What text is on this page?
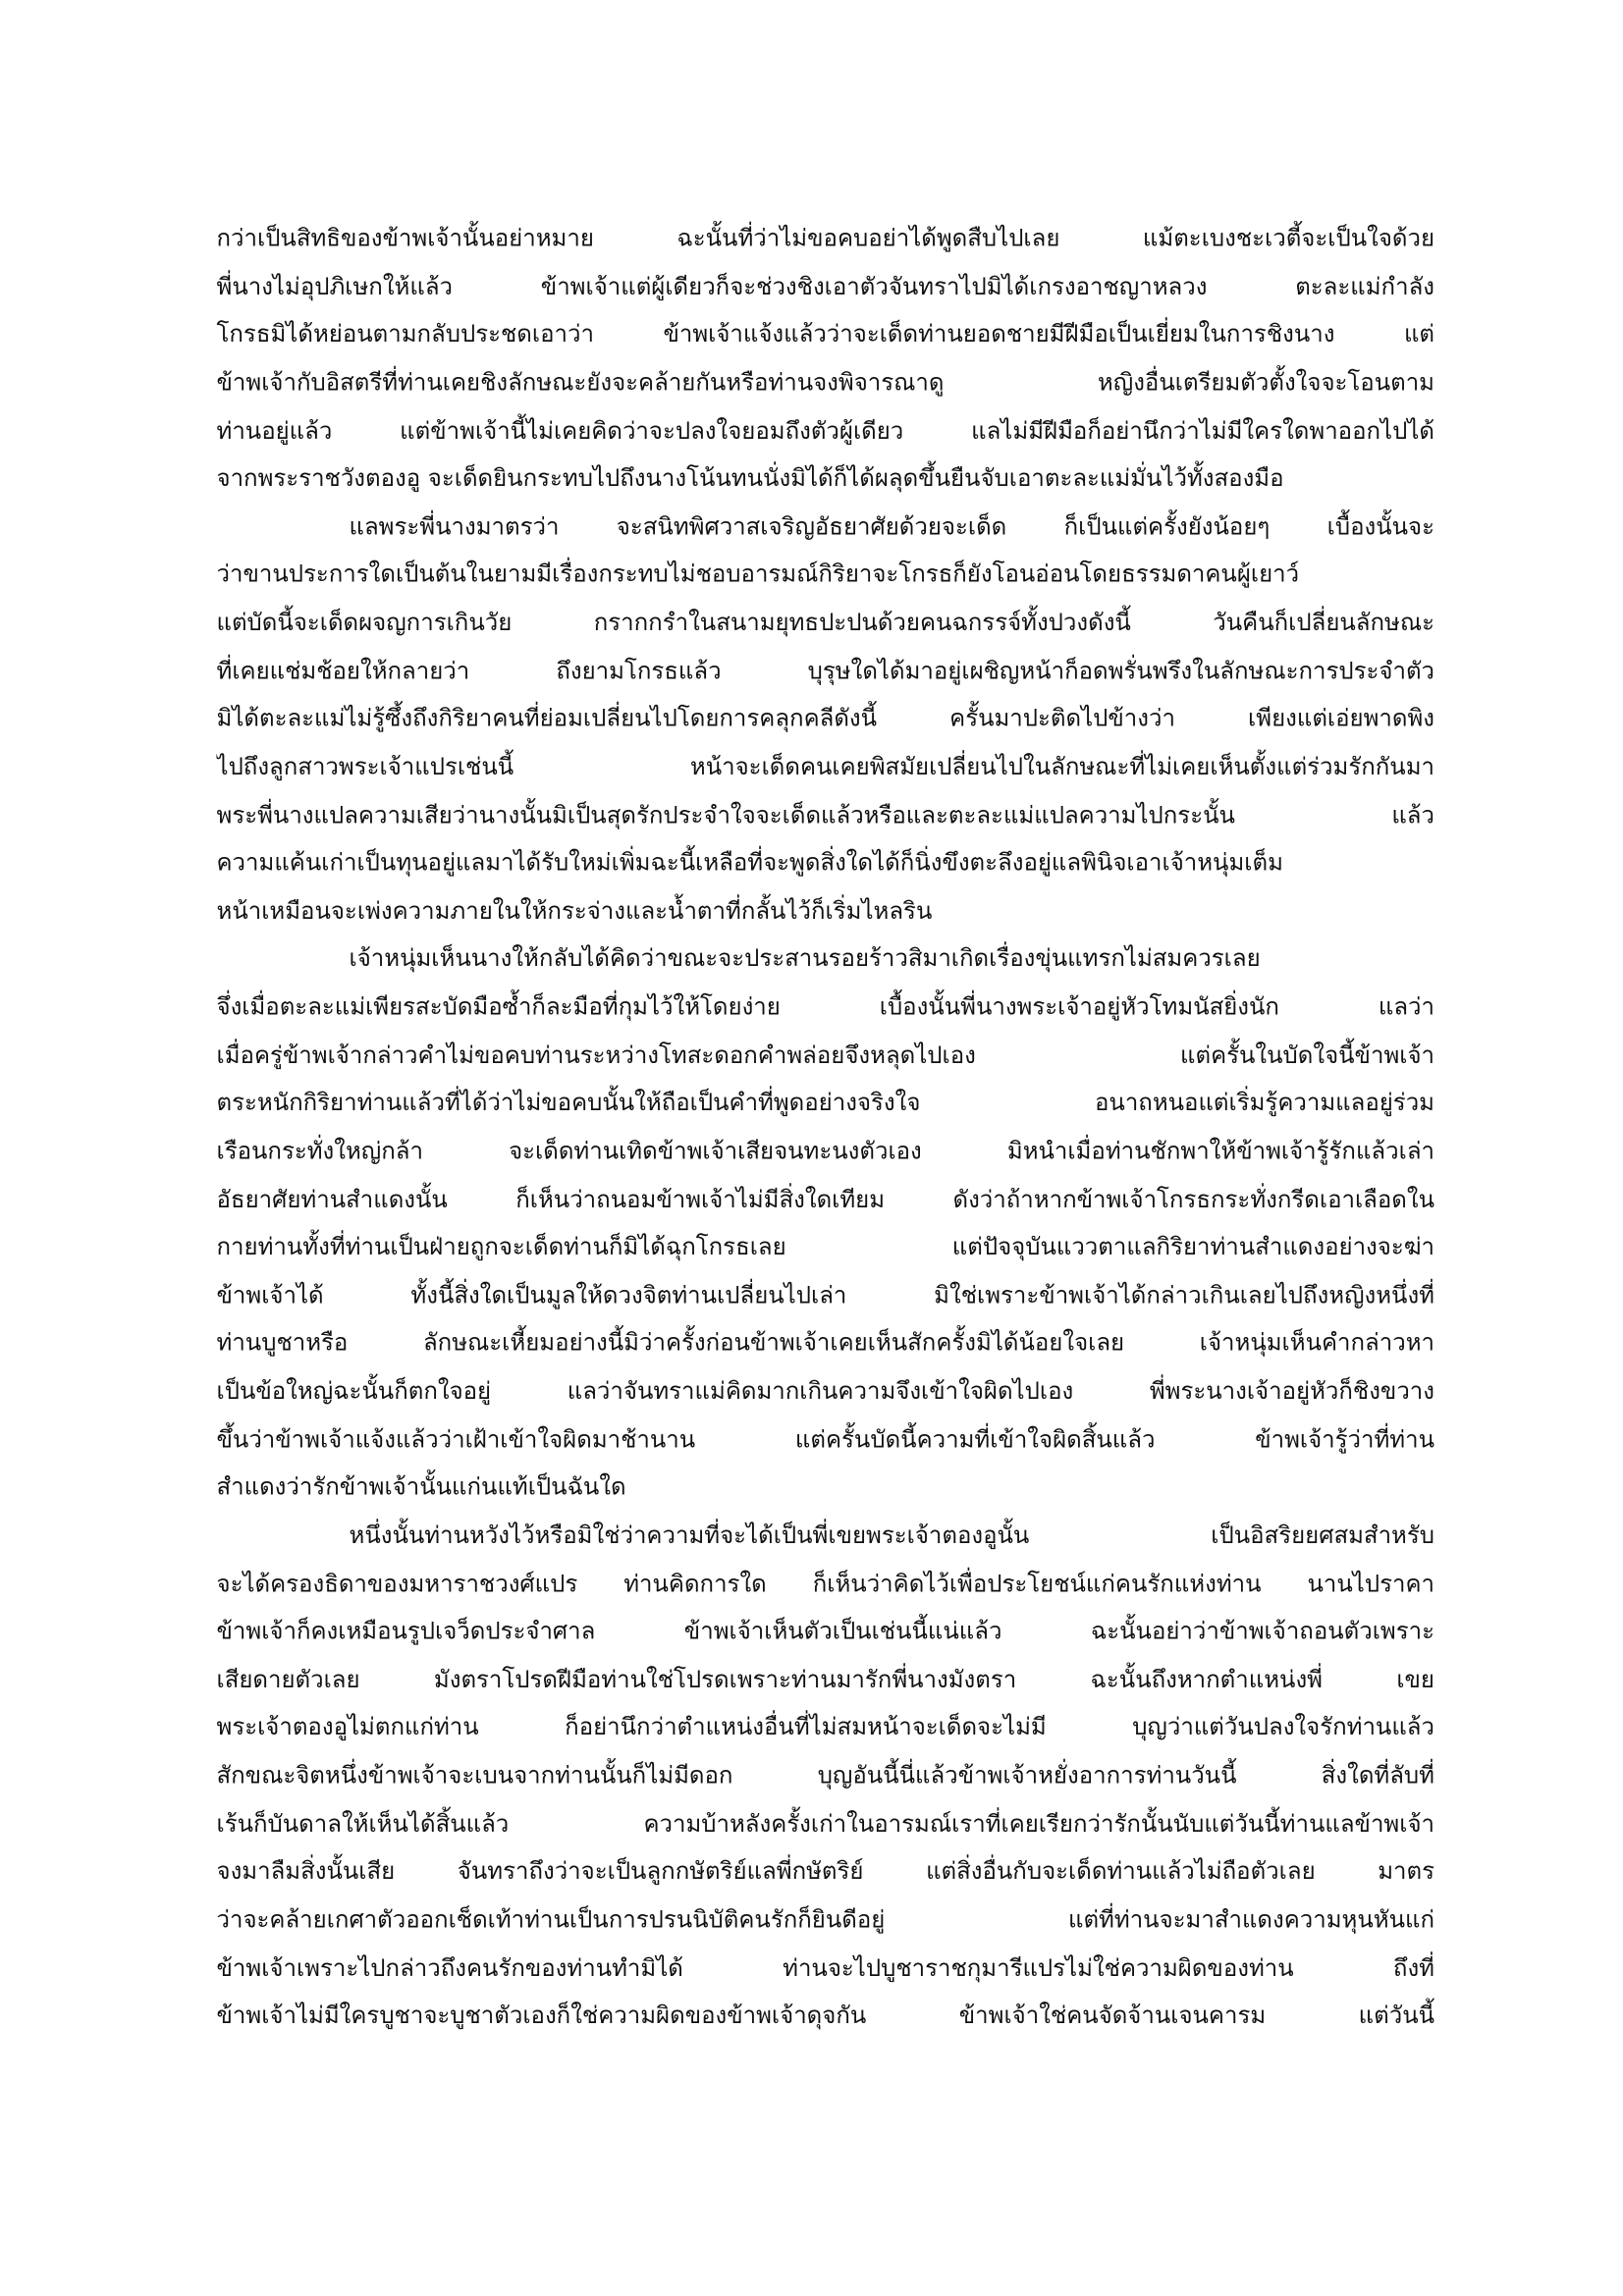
กว่าเป็นสิทธิของข้าพเจ้านั้นอย่าหมาย ฉะนั้นที่ว่าไม่ขอคบอย่าได้พูดสืบไปเลย แม้ตะเบงชะเวตี้จะเป็นใจด้วย
พี่นางไม่อุปภิเษกให้แล้ว ข้าพเจ้าแต่ผู้เดียวก็จะช่วงชิงเอาตัวจันทราไปมิได้เกรงอาชญาหลวง ตะละแม่กำลัง
โกรธมิได้หย่อนตามกลับประชดเอาว่า ข้าพเจ้าแจ้งแล้วว่าจะเด็ดท่านยอดชายมีฝีมือเป็นเยี่ยมในการชิงนาง แต่
ข้าพเจ้ากับอิสตรีที่ท่านเคยชิงลักษณะยังจะคล้ายกันหรือท่านจงพิจารณาดู หญิงอื่นเตรียมตัวตั้งใจจะโอนตาม
ท่านอยู่แล้ว แต่ข้าพเจ้านี้ไม่เคยคิดว่าจะปลงใจยอมถึงตัวผู้เดียว แลไม่มีฝีมือก็อย่านึกว่าไม่มีใครใดพาออกไปได้
จากพระราชวังตองอู จะเด็ดยินกระทบไปถึงนางโน้นทนนั่งมิได้ก็ได้ผลุดขึ้นยืนจับเอาตะละแม่มั่นไว้ทั้งสองมือ
แลพระพี่นางมาตรว่า จะสนิทพิศวาสเจริญอัธยาศัยด้วยจะเด็ด ก็เป็นแต่ครั้งยังน้อยๆ เบื้องนั้นจะ
ว่าขานประการใดเป็นต้นในยามมีเรื่องกระทบไม่ชอบอารมณ์กิริยาจะโกรธก็ยังโอนอ่อนโดยธรรมดาคนผู้เยาว์
แต่บัดนี้จะเด็ดผจญการเกินวัย กรากกรำในสนามยุทธปะปนด้วยคนฉกรรจ์ทั้งปวงดังนี้ วันคืนก็เปลี่ยนลักษณะ
ที่เคยแช่มช้อยให้กลายว่า ถึงยามโกรธแล้ว บุรุษใดได้มาอยู่เผชิญหน้าก็อดพรั่นพรึงในลักษณะการประจำตัว
มิได้ตะละแม่ไม่รู้ซึ้งถึงกิริยาคนที่ย่อมเปลี่ยนไปโดยการคลุกคลีดังนี้ ครั้นมาปะติดไปข้างว่า เพียงแต่เอ่ยพาดพิง
ไปถึงลูกสาวพระเจ้าแปรเช่นนี้ หน้าจะเด็ดคนเคยพิสมัยเปลี่ยนไปในลักษณะที่ไม่เคยเห็นตั้งแต่ร่วมรักกันมา
พระพี่นางแปลความเสียว่านางนั้นมิเป็นสุดรักประจำใจจะเด็ดแล้วหรือและตะละแม่แปลความไปกระนั้น แล้ว
ความแค้นเก่าเป็นทุนอยู่แลมาได้รับใหม่เพิ่มฉะนี้เหลือที่จะพูดสิ่งใดได้ก็นิ่งขึงตะลึงอยู่แลพินิจเอาเจ้าหนุ่มเต็ม
หน้าเหมือนจะเพ่งความภายในให้กระจ่างและน้ำตาที่กลั้นไว้ก็เริ่มไหลริน
เจ้าหนุ่มเห็นนางให้กลับได้คิดว่าขณะจะประสานรอยร้าวสิมาเกิดเรื่องขุ่นแทรกไม่สมควรเลย
จึ่งเมื่อตะละแม่เพียรสะบัดมือซ้ำก็ละมือที่กุมไว้ให้โดยง่าย เบื้องนั้นพี่นางพระเจ้าอยู่หัวโทมนัสยิ่งนัก แลว่า
เมื่อครู่ข้าพเจ้ากล่าวคำไม่ขอคบท่านระหว่างโทสะดอกคำพล่อยจึงหลุดไปเอง แต่ครั้นในบัดใจนี้ข้าพเจ้า
ตระหนักกิริยาท่านแล้วที่ได้ว่าไม่ขอคบนั้นให้ถือเป็นคำที่พูดอย่างจริงใจ อนาถหนอแต่เริ่มรู้ความแลอยู่ร่วม
เรือนกระทั่งใหญ่กล้า จะเด็ดท่านเทิดข้าพเจ้าเสียจนทะนงตัวเอง มิหนำเมื่อท่านชักพาให้ข้าพเจ้ารู้รักแล้วเล่า
อัธยาศัยท่านสำแดงนั้น ก็เห็นว่าถนอมข้าพเจ้าไม่มีสิ่งใดเทียม ดังว่าถ้าหากข้าพเจ้าโกรธกระทั่งกรีดเอาเลือดใน
กายท่านทั้งที่ท่านเป็นฝ่ายถูกจะเด็ดท่านก็มิได้ฉุกโกรธเลย แต่ปัจจุบันแววตาแลกิริยาท่านสำแดงอย่างจะฆ่า
ข้าพเจ้าได้ ทั้งนี้สิ่งใดเป็นมูลให้ดวงจิตท่านเปลี่ยนไปเล่า มิใช่เพราะข้าพเจ้าได้กล่าวเกินเลยไปถึงหญิงหนึ่งที่
ท่านบูชาหรือ ลักษณะเหี้ยมอย่างนี้มิว่าครั้งก่อนข้าพเจ้าเคยเห็นสักครั้งมิได้น้อยใจเลย เจ้าหนุ่มเห็นคำกล่าวหา
เป็นข้อใหญ่ฉะนั้นก็ตกใจอยู่ แลว่าจันทราแม่คิดมากเกินความจึงเข้าใจผิดไปเอง พี่พระนางเจ้าอยู่หัวก็ชิงขวาง
ขึ้นว่าข้าพเจ้าแจ้งแล้วว่าเฝ้าเข้าใจผิดมาช้านาน แต่ครั้นบัดนี้ความที่เข้าใจผิดสิ้นแล้ว ข้าพเจ้ารู้ว่าที่ท่าน
สำแดงว่ารักข้าพเจ้านั้นแก่นแท้เป็นฉันใด
หนึ่งนั้นท่านหวังไว้หรือมิใช่ว่าความที่จะได้เป็นพี่เขยพระเจ้าตองอูนั้น เป็นอิสริยยศสมสำหรับ
จะได้ครองธิดาของมหาราชวงศ์แปร ท่านคิดการใด ก็เห็นว่าคิดไว้เพื่อประโยชน์แก่คนรักแห่งท่าน นานไปราคา
ข้าพเจ้าก็คงเหมือนรูปเจว็ดประจำศาล ข้าพเจ้าเห็นตัวเป็นเช่นนี้แน่แล้ว ฉะนั้นอย่าว่าข้าพเจ้าถอนตัวเพราะ
เสียดายตัวเลย มังตราโปรดฝีมือท่านใช่โปรดเพราะท่านมารักพี่นางมังตรา ฉะนั้นถึงหากตำแหน่งพี่ เขย
พระเจ้าตองอูไม่ตกแก่ท่าน ก็อย่านึกว่าตำแหน่งอื่นที่ไม่สมหน้าจะเด็ดจะไม่มี บุญว่าแต่วันปลงใจรักท่านแล้ว
สักขณะจิตหนึ่งข้าพเจ้าจะเบนจากท่านนั้นก็ไม่มีดอก บุญอันนี้นี่แล้วข้าพเจ้าหยั่งอาการท่านวันนี้ สิ่งใดที่ลับที่
เร้นก็บันดาลให้เห็นได้สิ้นแล้ว ความบ้าหลังครั้งเก่าในอารมณ์เราที่เคยเรียกว่ารักนั้นนับแต่วันนี้ท่านแลข้าพเจ้า
จงมาลืมสิ่งนั้นเสีย จันทราถึงว่าจะเป็นลูกกษัตริย์แลพี่กษัตริย์ แต่สิ่งอื่นกับจะเด็ดท่านแล้วไม่ถือตัวเลย มาตร
ว่าจะคล้ายเกศาตัวออกเช็ดเท้าท่านเป็นการปรนนิบัติคนรักก็ยินดีอยู่ แต่ที่ท่านจะมาสำแดงความหุนหันแก่
ข้าพเจ้าเพราะไปกล่าวถึงคนรักของท่านทำมิได้ ท่านจะไปบูชาราชกุมารีแปรไม่ใช่ความผิดของท่าน ถึงที่
ข้าพเจ้าไม่มีใครบูชาจะบูชาตัวเองก็ใช่ความผิดของข้าพเจ้าดุจกัน ข้าพเจ้าใช่คนจัดจ้านเจนคารม แต่วันนี้
